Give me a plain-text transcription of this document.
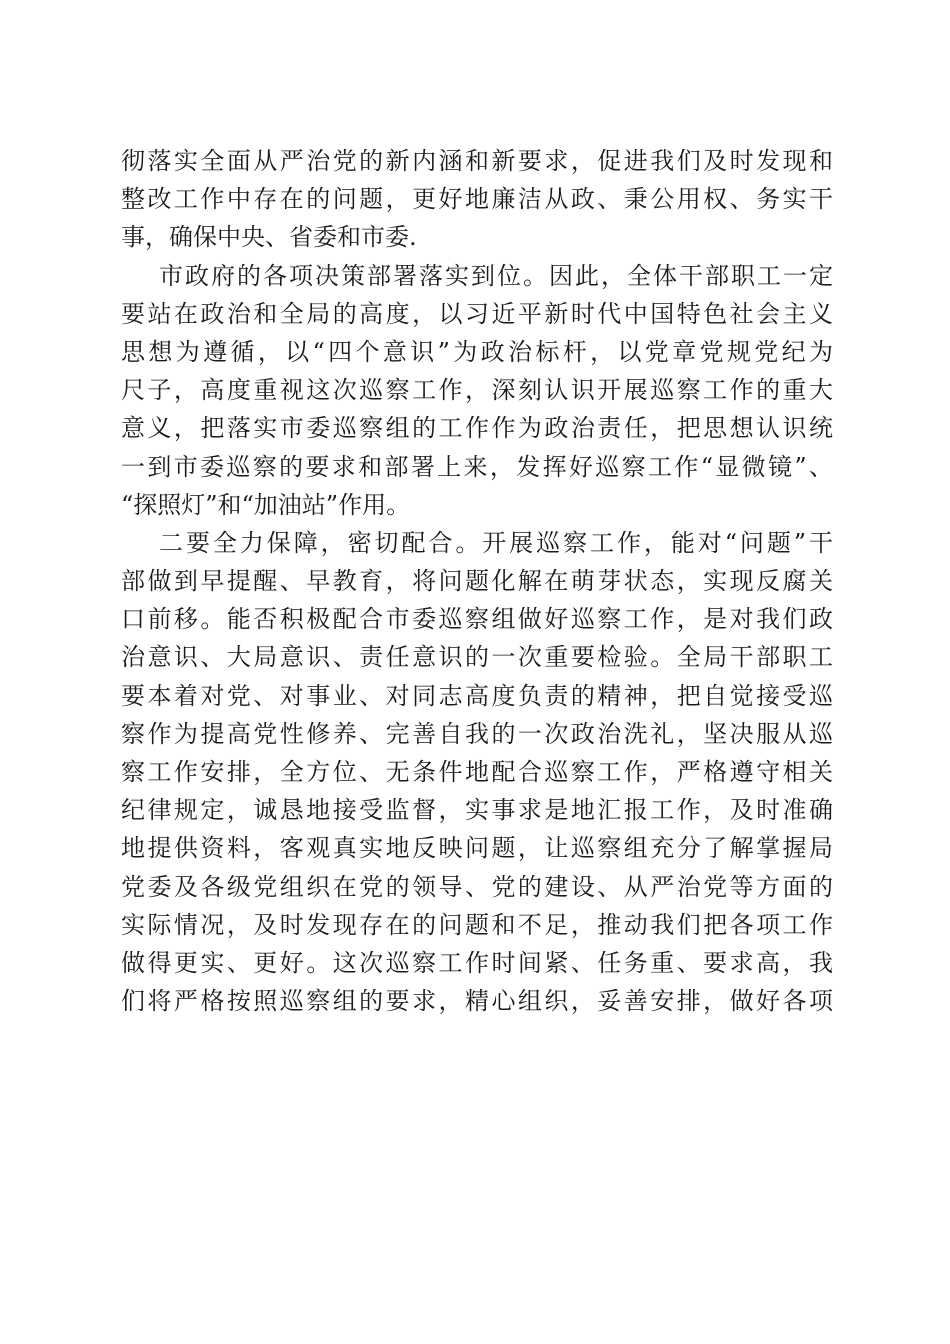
彻落实全面从严治党的新内涵和新要求，促进我们及时发现和
整改工作中存在的问题，更好地廉洁从政、秉公用权、务实干
事，确保中央、省委和市委.
市政府的各项决策部署落实到位。因此，全体干部职工一定
要站在政治和全局的高度，以习近平新时代中国特色社会主义
思想为遵循，以“四个意识”为政治标杆，以党章党规党纪为
尺子，高度重视这次巡察工作，深刻认识开展巡察工作的重大
意义，把落实市委巡察组的工作作为政治责任，把思想认识统
一到市委巡察的要求和部署上来，发挥好巡察工作“显微镜”、
“探照灯”和“加油站”作用。
二要全力保障，密切配合。开展巡察工作，能对“问题”干
部做到早提醒、早教育，将问题化解在萌芽状态，实现反腐关
口前移。能否积极配合市委巡察组做好巡察工作，是对我们政
治意识、大局意识、责任意识的一次重要检验。全局干部职工
要本着对党、对事业、对同志高度负责的精神，把自觉接受巡
察作为提高党性修养、完善自我的一次政治洗礼，坚决服从巡
察工作安排，全方位、无条件地配合巡察工作，严格遵守相关
纪律规定，诚恳地接受监督，实事求是地汇报工作，及时准确
地提供资料，客观真实地反映问题，让巡察组充分了解掌握局
党委及各级党组织在党的领导、党的建设、从严治党等方面的
实际情况，及时发现存在的问题和不足，推动我们把各项工作
做得更实、更好。这次巡察工作时间紧、任务重、要求高，我
们将严格按照巡察组的要求，精心组织，妥善安排，做好各项
